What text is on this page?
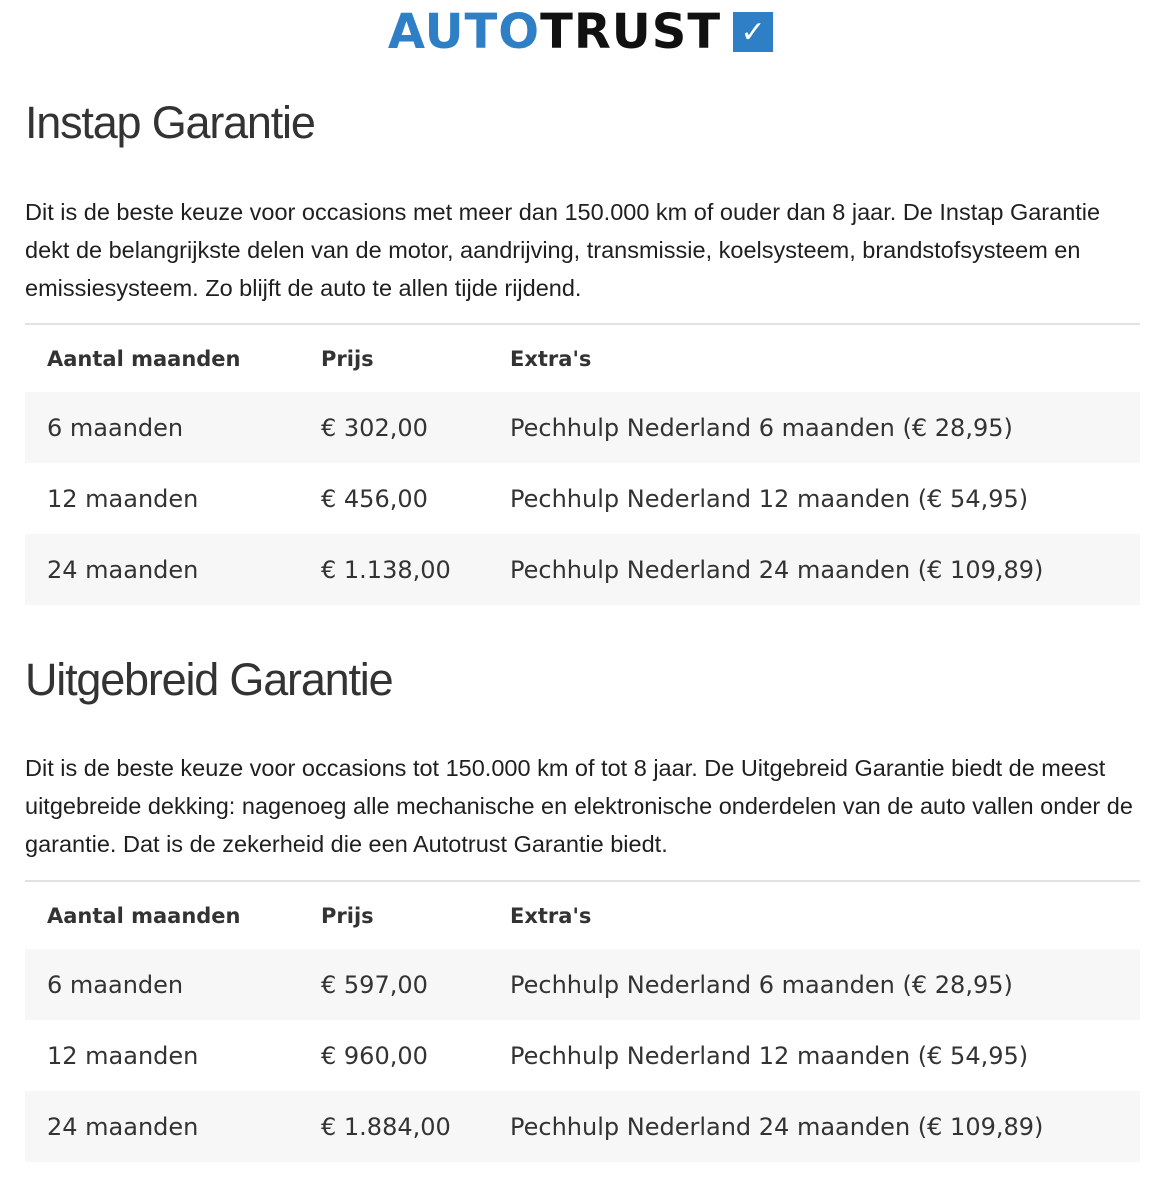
AUTOTRUST ✓
Instap Garantie

Dit is de beste keuze voor occasions met meer dan 150.000 km of ouder dan 8 jaar. De Instap Garantie dekt de belangrijkste delen van de motor, aandrijving, transmissie, koelsysteem, brandstofsysteem en emissiesysteem. Zo blijft de auto te allen tijde rijdend.

Aantal maanden	Prijs	Extra's
6 maanden	€ 302,00	Pechhulp Nederland 6 maanden (€ 28,95)
12 maanden	€ 456,00	Pechhulp Nederland 12 maanden (€ 54,95)
24 maanden	€ 1.138,00	Pechhulp Nederland 24 maanden (€ 109,89)
Uitgebreid Garantie

Dit is de beste keuze voor occasions tot 150.000 km of tot 8 jaar. De Uitgebreid Garantie biedt de meest uitgebreide dekking: nagenoeg alle mechanische en elektronische onderdelen van de auto vallen onder de garantie. Dat is de zekerheid die een Autotrust Garantie biedt.

Aantal maanden	Prijs	Extra's
6 maanden	€ 597,00	Pechhulp Nederland 6 maanden (€ 28,95)
12 maanden	€ 960,00	Pechhulp Nederland 12 maanden (€ 54,95)
24 maanden	€ 1.884,00	Pechhulp Nederland 24 maanden (€ 109,89)
